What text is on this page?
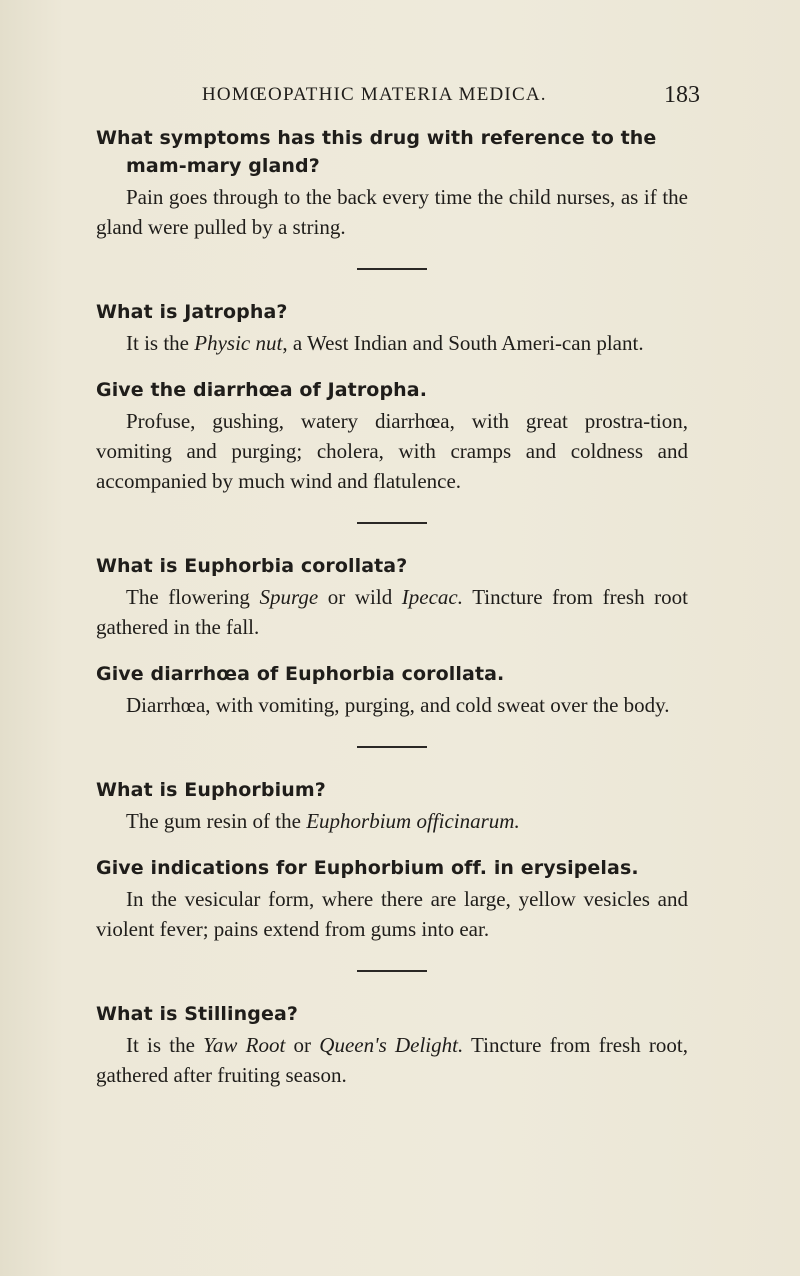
HOMŒOPATHIC MATERIA MEDICA.	183

What symptoms has this drug with reference to the mam-mary gland?

Pain goes through to the back every time the child nurses, as if the gland were pulled by a string.

What is Jatropha?

It is the Physic nut, a West Indian and South Ameri-can plant.

Give the diarrhœa of Jatropha.

Profuse, gushing, watery diarrhœa, with great prostra-tion, vomiting and purging; cholera, with cramps and coldness and accompanied by much wind and flatulence.

What is Euphorbia corollata?

The flowering Spurge or wild Ipecac. Tincture from fresh root gathered in the fall.

Give diarrhœa of Euphorbia corollata.

Diarrhœa, with vomiting, purging, and cold sweat over the body.

What is Euphorbium?

The gum resin of the Euphorbium officinarum.

Give indications for Euphorbium off. in erysipelas.

In the vesicular form, where there are large, yellow vesicles and violent fever; pains extend from gums into ear.

What is Stillingea?

It is the Yaw Root or Queen's Delight. Tincture from fresh root, gathered after fruiting season.
